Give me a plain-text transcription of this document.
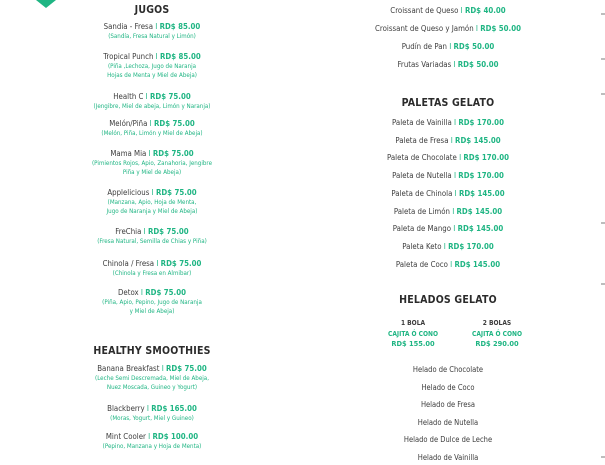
JUGOS
Sandia - Fresa I RD$ 85.00
(Sandía, Fresa Natural y Limón)
Tropical Punch I RD$ 85.00
(Piña ,Lechoza, Jugo de Naranja
Hojas de Menta y Miel de Abeja)
Health C I RD$ 75.00
(Jengibre, Miel de abeja, Limón y Naranja)
Melón/Piña I RD$ 75.00
(Melón, Piña, Limón y Miel de Abeja)
Mama Mia I RD$ 75.00
(Pimientos Rojos, Apio, Zanahoria, Jengibre
Piña y Miel de Abeja)
Applelicious I RD$ 75.00
(Manzana, Apio, Hoja de Menta,
Jugo de Naranja y Miel de Abeja)
FreChia I RD$ 75.00
(Fresa Natural, Semilla de Chias y Piña)
Chinola / Fresa I RD$ 75.00
(Chinola y Fresa en Almibar)
Detox I RD$ 75.00
(Piña, Apio, Pepino, Jugo de Naranja
y Miel de Abeja)
HEALTHY SMOOTHIES
Banana Breakfast I RD$ 75.00
(Leche Semi Descremada, Miel de Abeja,
Nuez Moscada, Guineo y Yogurt)
Blackberry I RD$ 165.00
(Moras, Yogurt, Miel y Guineo)
Mint Cooler I RD$ 100.00
(Pepino, Manzana y Hoja de Menta)
Croissant de Queso I RD$ 40.00
Croissant de Queso y Jamón I RD$ 50.00
Pudín de Pan I RD$ 50.00
Frutas Variadas I RD$ 50.00
PALETAS GELATO
Paleta de Vainilla I RD$ 170.00
Paleta de Fresa I RD$ 145.00
Paleta de Chocolate I RD$ 170.00
Paleta de Nutella I RD$ 170.00
Paleta de Chinola I RD$ 145.00
Paleta de Limón I RD$ 145.00
Paleta de Mango I RD$ 145.00
Paleta Keto I RD$ 170.00
Paleta de Coco I RD$ 145.00
HELADOS GELATO
1 BOLA
CAJITA Ó CONO
RD$ 155.00
2 BOLAS
CAJITA Ó CONO
RD$ 290.00
Helado de Chocolate
Helado de Coco
Helado de Fresa
Helado de Nutella
Helado de Dulce de Leche
Helado de Vainilla
